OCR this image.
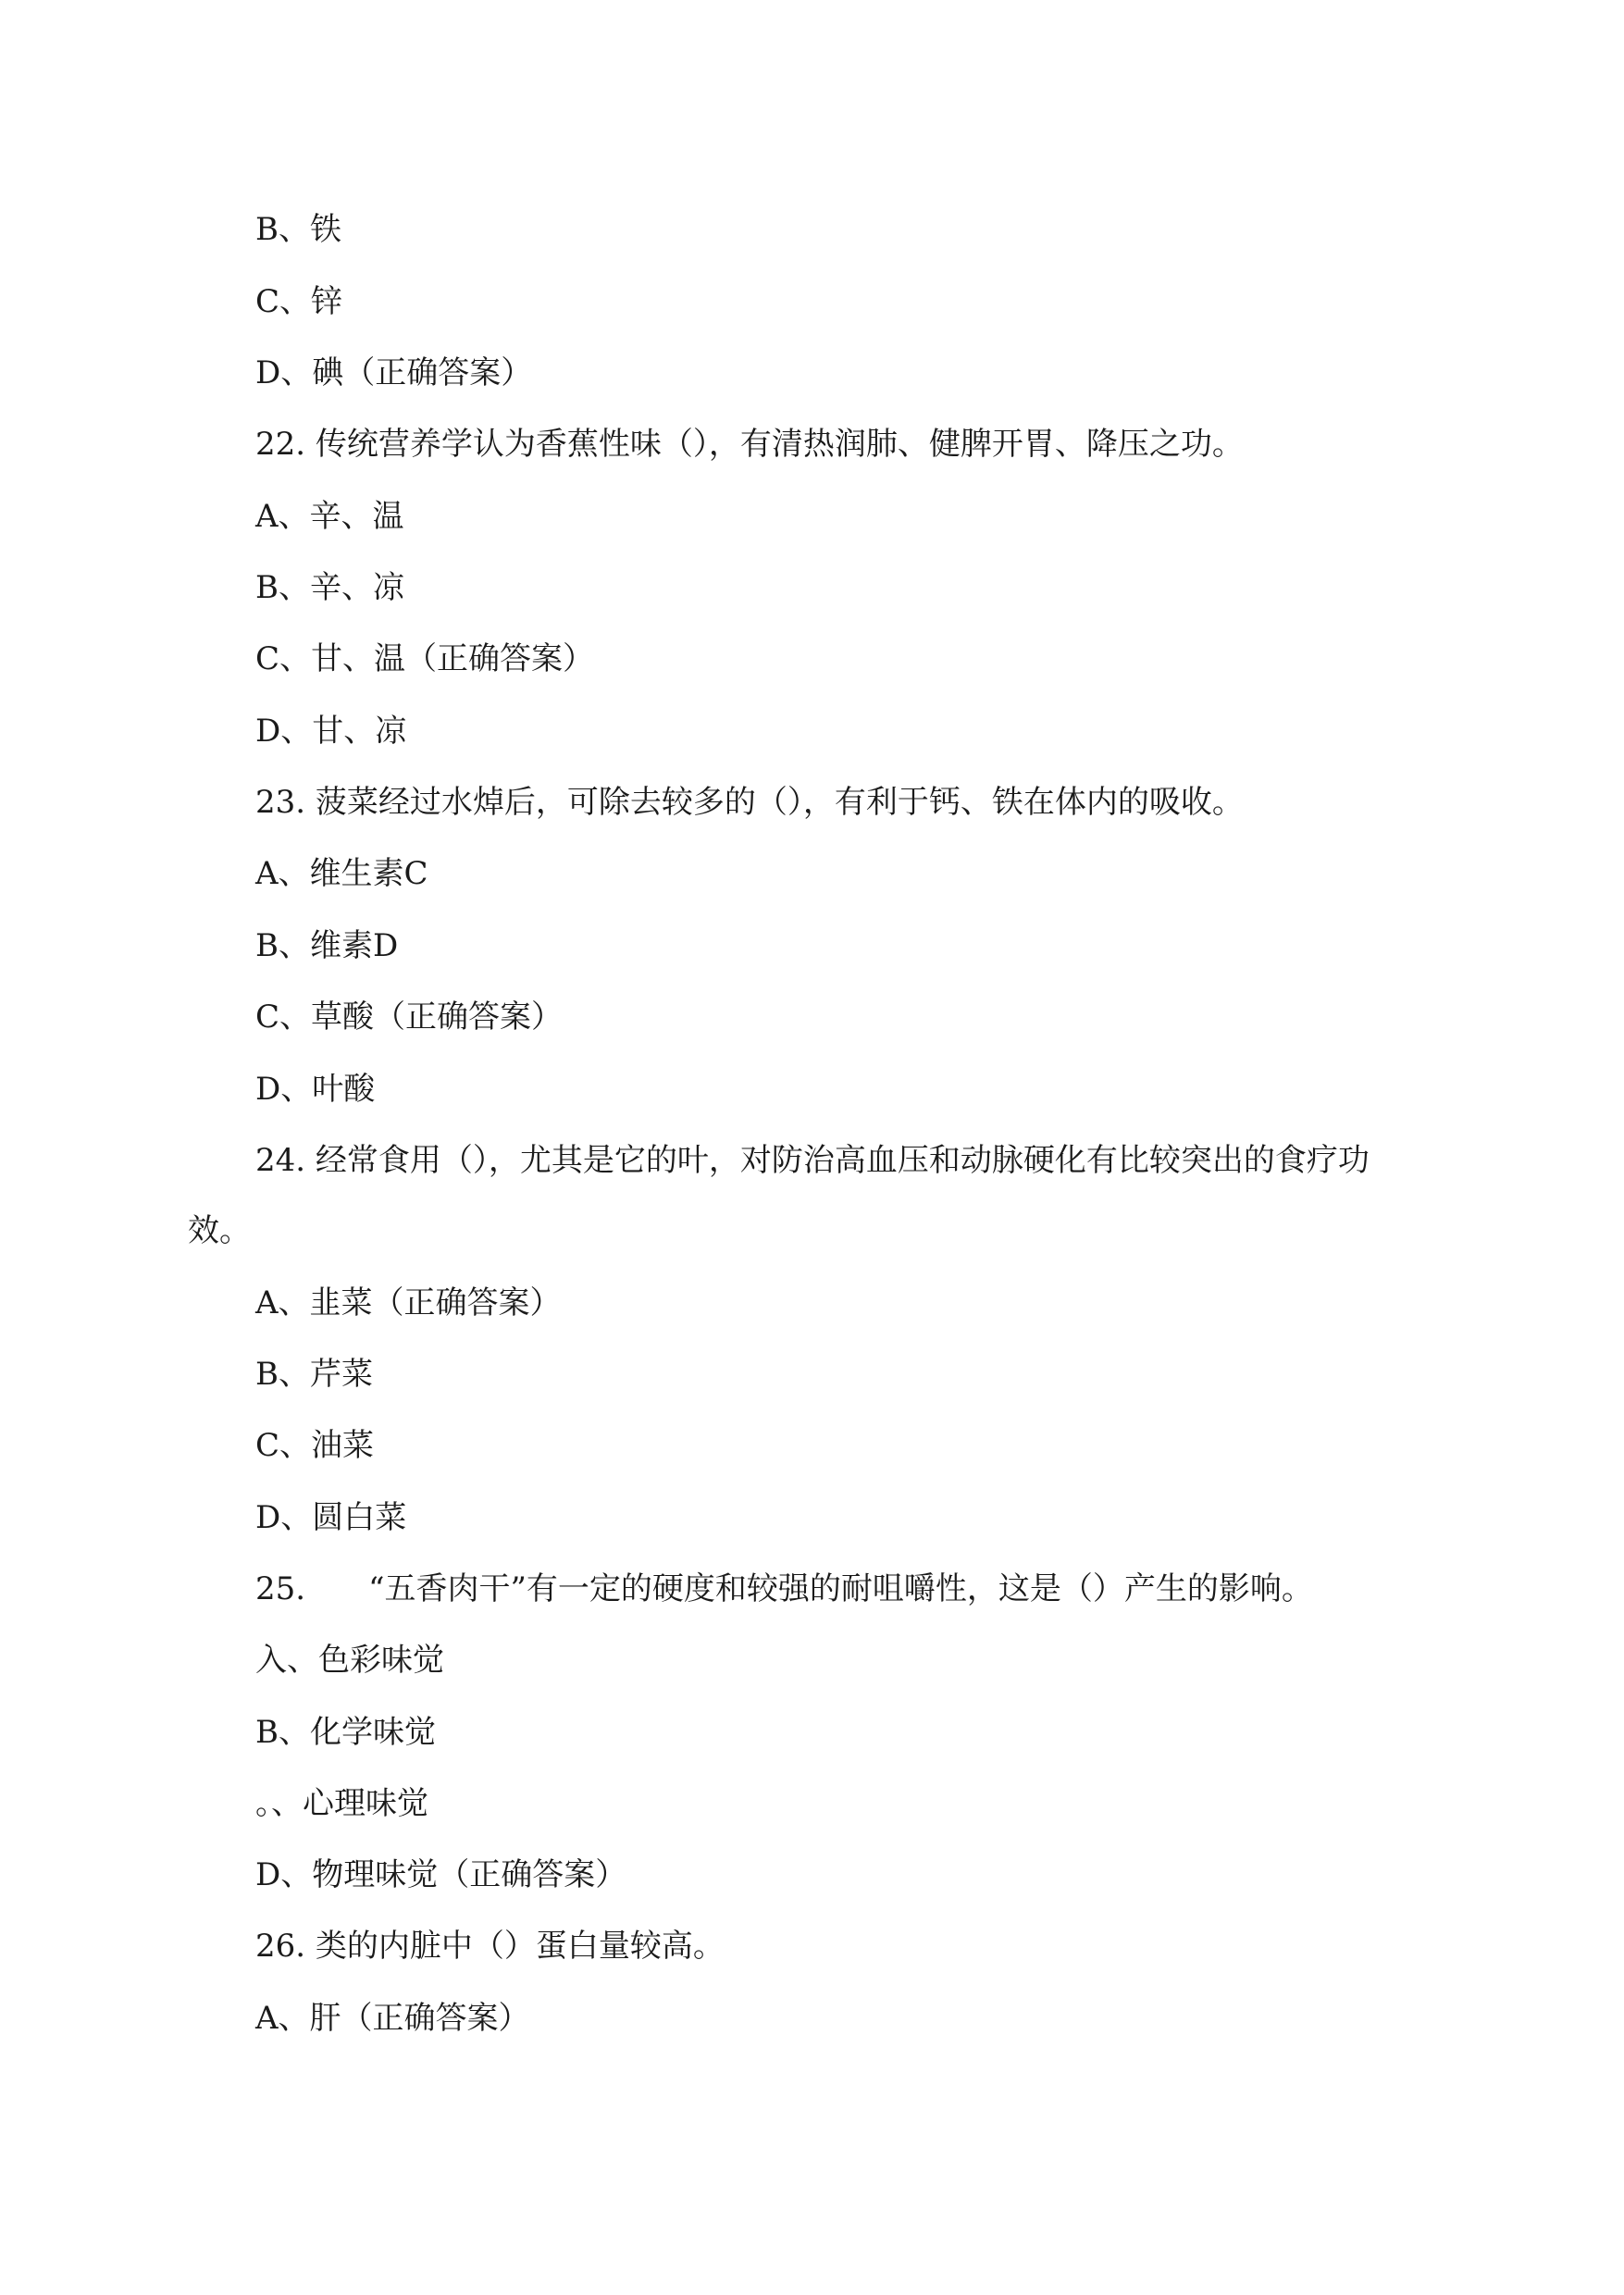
B、铁
C、锌
D、碘（正确答案）
22. 传统营养学认为香蕉性味（），有清热润肺、健脾开胃、降压之功。
A、辛、温
B、辛、凉
C、甘、温（正确答案）
D、甘、凉
23. 菠菜经过水焯后，可除去较多的（），有利于钙、铁在体内的吸收。
A、维生素C
B、维素D
C、草酸（正确答案）
D、叶酸
24. 经常食用（），尤其是它的叶，对防治高血压和动脉硬化有比较突出的食疗功
效。
A、韭菜（正确答案）
B、芹菜
C、油菜
D、圆白菜
25.　　“五香肉干”有一定的硬度和较强的耐咀嚼性，这是（）产生的影响。
入、色彩味觉
B、化学味觉
。、心理味觉
D、物理味觉（正确答案）
26. 类的内脏中（）蛋白量较高。
A、肝（正确答案）
